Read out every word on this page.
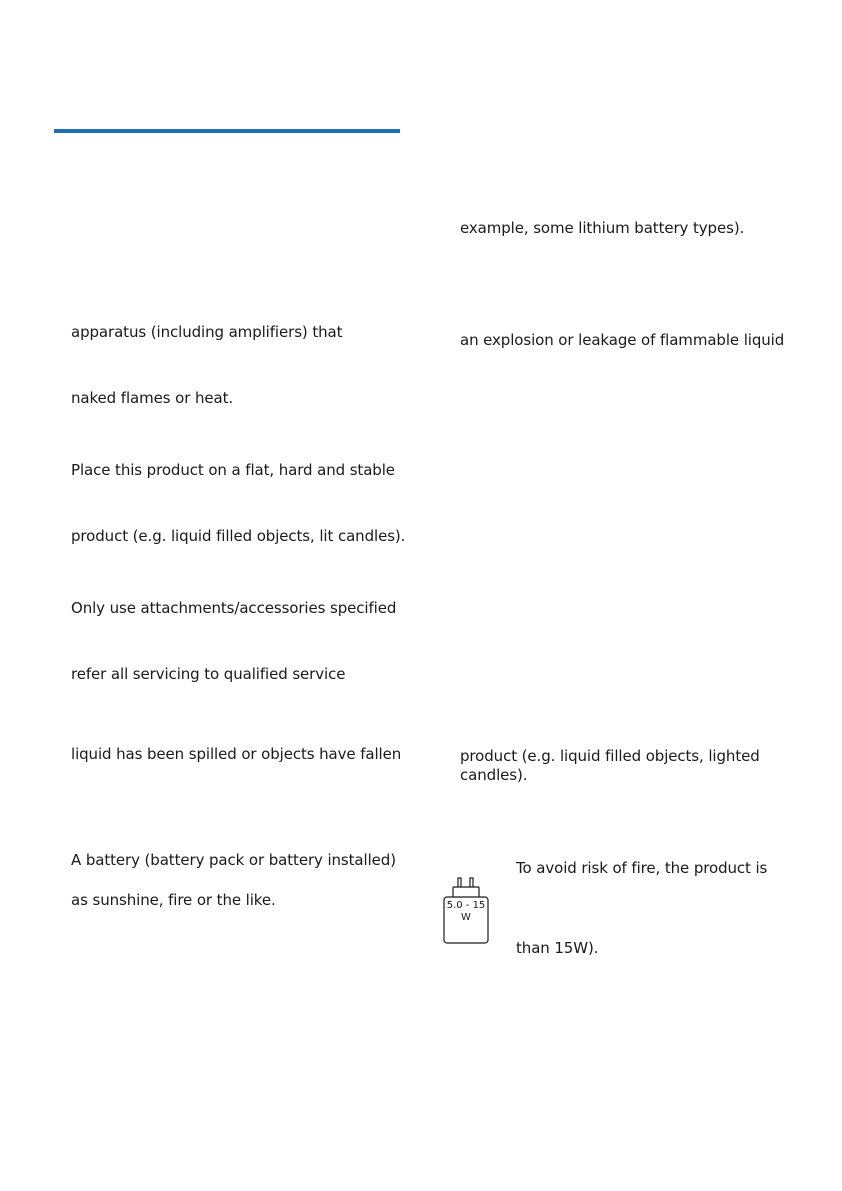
apparatus (including amplifiers) that
naked flames or heat.
Place this product on a flat, hard and stable
product (e.g. liquid filled objects, lit candles).
Only use attachments/accessories specified
refer all servicing to qualified service
liquid has been spilled or objects have fallen
A battery (battery pack or battery installed)
as sunshine, fire or the like.
example, some lithium battery types).
an explosion or leakage of flammable liquid
product (e.g. liquid filled objects, lighted
candles).
5.0 - 15
W
To avoid risk of fire, the product is
than 15W).
